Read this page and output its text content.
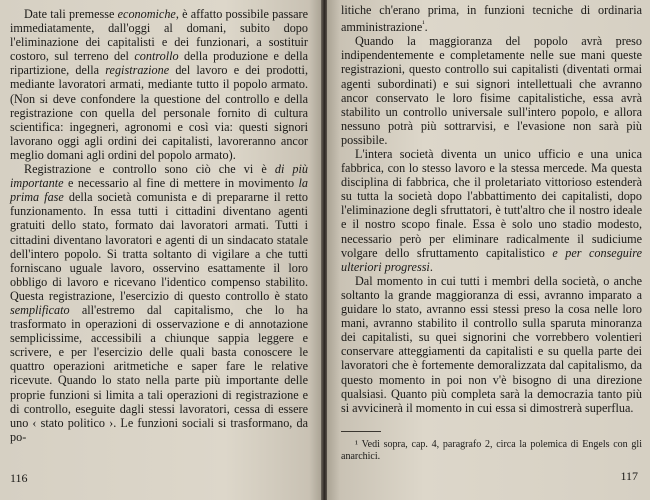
Date tali premesse economiche, è affatto possibile passare immediatamente, dall'oggi al domani, subito dopo l'eliminazione dei capitalisti e dei funzionari, a sostituir costoro, sul terreno del controllo della produzione e della ripartizione, della registrazione del lavoro e dei prodotti, mediante lavoratori armati, mediante tutto il popolo armato. (Non si deve confondere la questione del controllo e della registrazione con quella del personale fornito di cultura scientifica: ingegneri, agronomi e così via: questi signori lavorano oggi agli ordini dei capitalisti, lavoreranno ancor meglio domani agli ordini del popolo armato).

Registrazione e controllo sono ciò che vi è di più importante e necessario al fine di mettere in movimento la prima fase della società comunista e di prepararne il retto funzionamento. In essa tutti i cittadini diventano agenti gratuiti dello stato, formato dai lavoratori armati. Tutti i cittadini diventano lavoratori e agenti di un sindacato statale dell'intero popolo. Si tratta soltanto di vigilare a che tutti forniscano uguale lavoro, osservino esattamente il loro obbligo di lavoro e ricevano l'identico compenso stabilito. Questa registrazione, l'esercizio di questo controllo è stato semplificato all'estremo dal capitalismo, che lo ha trasformato in operazioni di osservazione e di annotazione semplicissime, accessibili a chiunque sappia leggere e scrivere, e per l'esercizio delle quali basta conoscere le quattro operazioni aritmetiche e saper fare le relative ricevute. Quando lo stato nella parte più importante delle proprie funzioni si limita a tali operazioni di registrazione e di controllo, eseguite dagli stessi lavoratori, cessa di essere uno ‹ stato politico ›. Le funzioni sociali si trasformano, da po-

116

litiche ch'erano prima, in funzioni tecniche di ordinaria amministrazione$^{^1}$.

Quando la maggioranza del popolo avrà preso indipendentemente e completamente nelle sue mani queste registrazioni, questo controllo sui capitalisti (diventati ormai agenti subordinati) e sui signori intellettuali che avranno ancor conservato le loro fisime capitalistiche, essa avrà stabilito un controllo universale sull'intero popolo, e allora nessuno potrà più sottrarvisi, e l'evasione non sarà più possibile.

L'intera società diventa un unico ufficio e una unica fabbrica, con lo stesso lavoro e la stessa mercede. Ma questa disciplina di fabbrica, che il proletariato vittorioso estenderà su tutta la società dopo l'abbattimento dei capitalisti, dopo l'eliminazione degli sfruttatori, è tutt'altro che il nostro ideale e il nostro scopo finale. Essa è solo uno stadio modesto, necessario però per eliminare radicalmente il sudiciume volgare dello sfruttamento capitalistico e per conseguire ulteriori progressi.

Dal momento in cui tutti i membri della società, o anche soltanto la grande maggioranza di essi, avranno imparato a guidare lo stato, avranno essi stessi preso la cosa nelle loro mani, avranno stabilito il controllo sulla sparuta minoranza dei capitalisti, su quei signorini che vorrebbero volentieri conservare atteggiamenti da capitalisti e su quella parte dei lavoratori che è fortemente demoralizzata dal capitalismo, da questo momento in poi non v'è bisogno di una direzione qualsiasi. Quanto più completa sarà la democrazia tanto più si avvicinerà il momento in cui essa si dimostrerà superflua.

¹ Vedi sopra, cap. 4, paragrafo 2, circa la polemica di Engels con gli anarchici.

117
